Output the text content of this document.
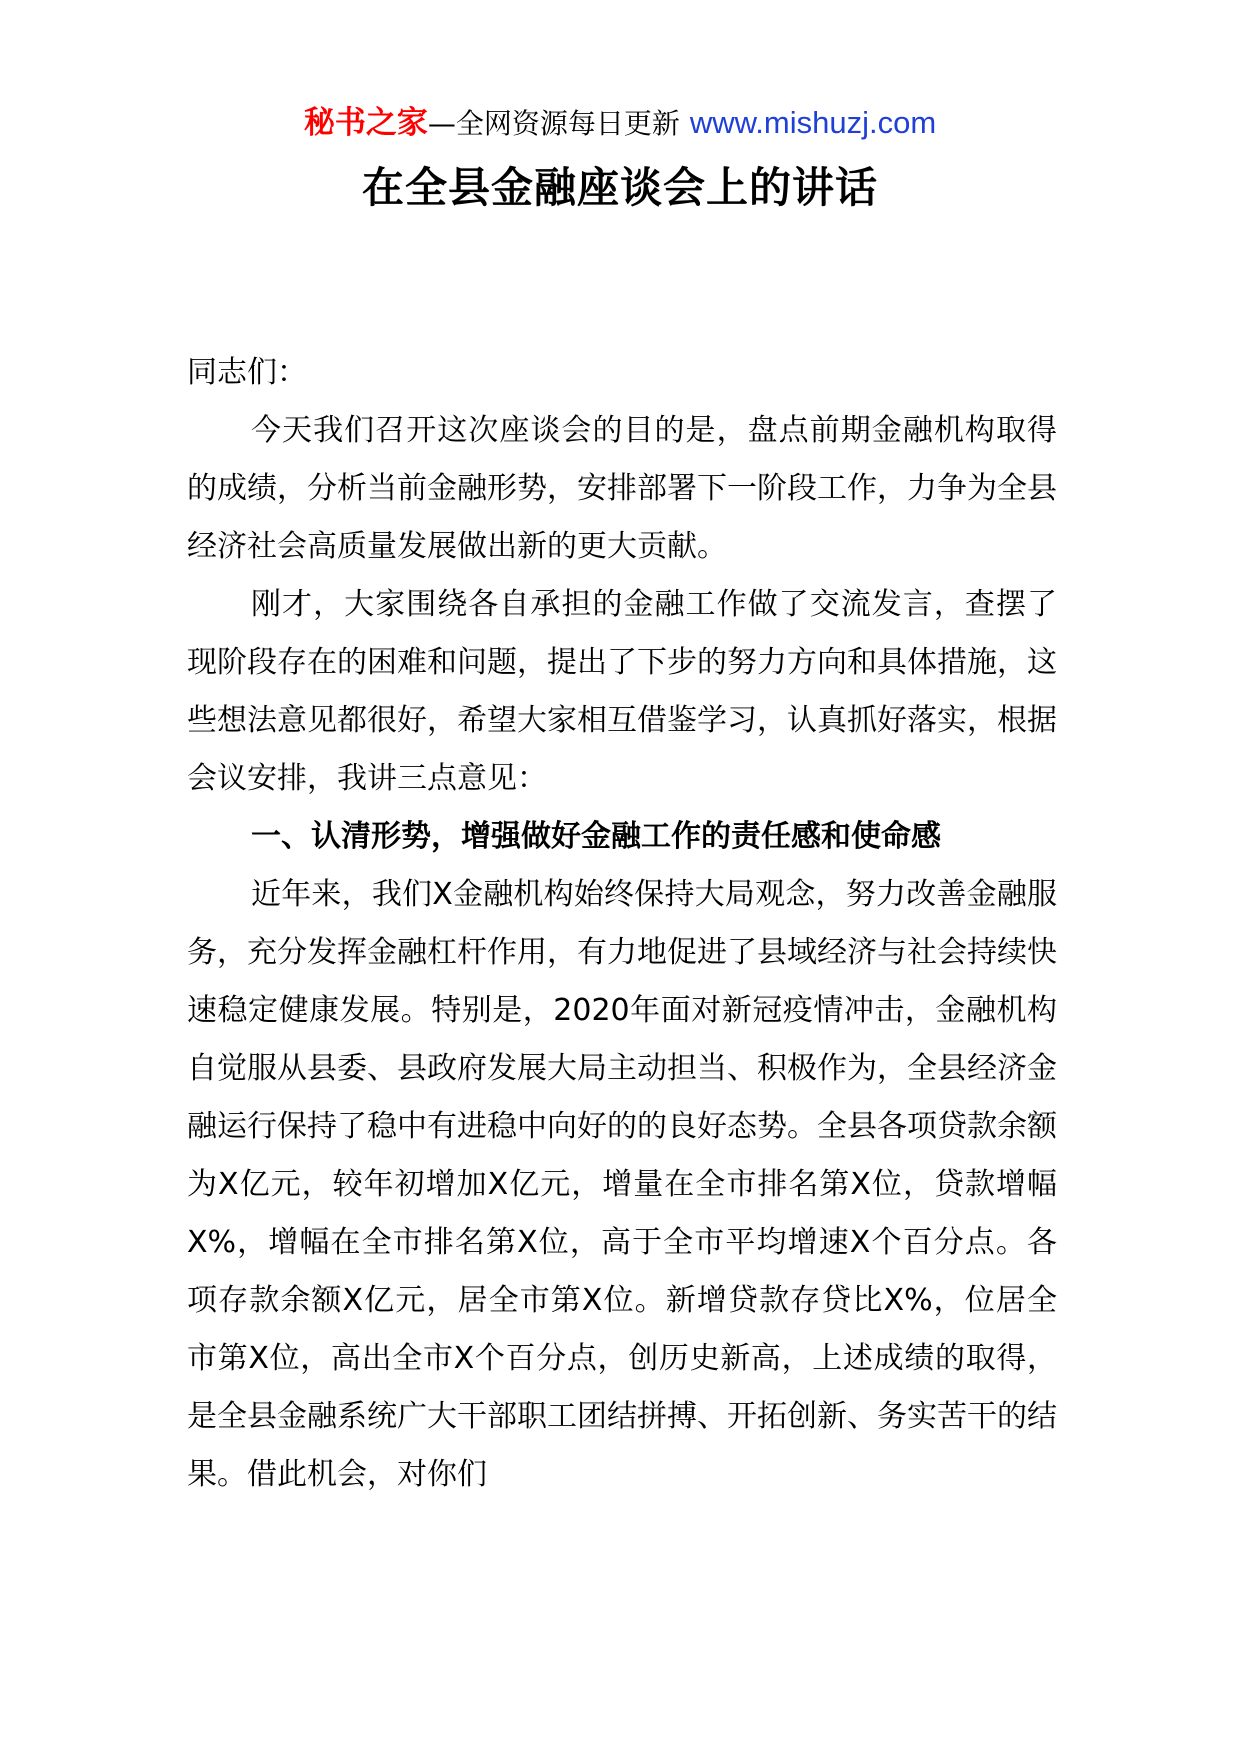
秘书之家—全网资源每日更新 www.mishuzj.com
在全县金融座谈会上的讲话

同志们：

今天我们召开这次座谈会的目的是，盘点前期金融机构取得的成绩，分析当前金融形势，安排部署下一阶段工作，力争为全县经济社会高质量发展做出新的更大贡献。

刚才，大家围绕各自承担的金融工作做了交流发言，查摆了现阶段存在的困难和问题，提出了下步的努力方向和具体措施，这些想法意见都很好，希望大家相互借鉴学习，认真抓好落实，根据会议安排，我讲三点意见：

一、认清形势，增强做好金融工作的责任感和使命感

近年来，我们X金融机构始终保持大局观念，努力改善金融服务，充分发挥金融杠杆作用，有力地促进了县域经济与社会持续快速稳定健康发展。特别是，2020年面对新冠疫情冲击，金融机构自觉服从县委、县政府发展大局主动担当、积极作为，全县经济金融运行保持了稳中有进稳中向好的的良好态势。全县各项贷款余额为X亿元，较年初增加X亿元，增量在全市排名第X位，贷款增幅X%，增幅在全市排名第X位，高于全市平均增速X个百分点。各项存款余额X亿元，居全市第X位。新增贷款存贷比X%，位居全市第X位，高出全市X个百分点，创历史新高，上述成绩的取得，是全县金融系统广大干部职工团结拼搏、开拓创新、务实苦干的结果。借此机会，对你们
